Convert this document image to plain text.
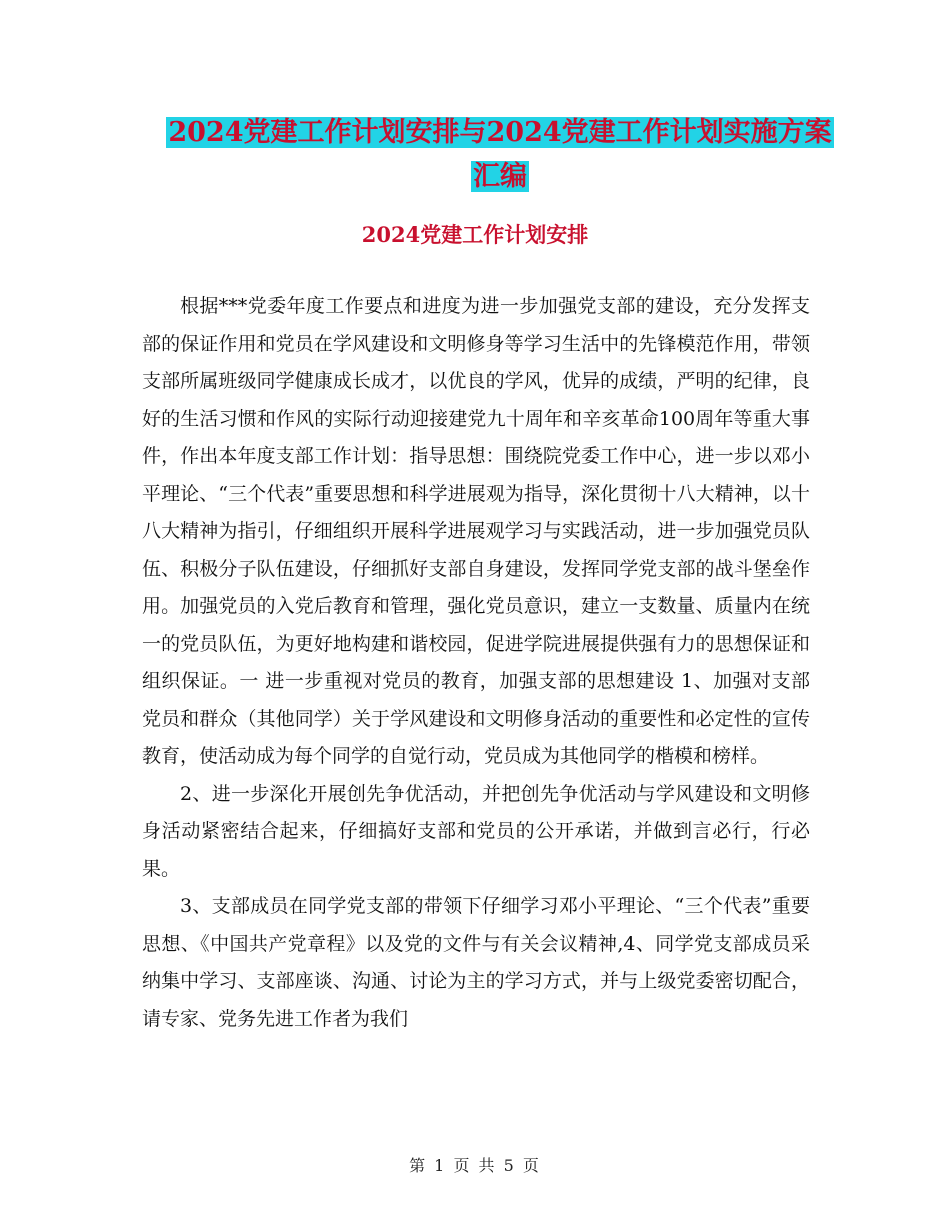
2024党建工作计划安排与2024党建工作计划实施方案
汇编
2024党建工作计划安排

根据***党委年度工作要点和进度为进一步加强党支部的建设，充分发挥支部的保证作用和党员在学风建设和文明修身等学习生活中的先锋模范作用，带领支部所属班级同学健康成长成才，以优良的学风，优异的成绩，严明的纪律，良好的生活习惯和作风的实际行动迎接建党九十周年和辛亥革命100周年等重大事件，作出本年度支部工作计划：指导思想：围绕院党委工作中心，进一步以邓小平理论、“三个代表”重要思想和科学进展观为指导，深化贯彻十八大精神，以十八大精神为指引，仔细组织开展科学进展观学习与实践活动，进一步加强党员队伍、积极分子队伍建设，仔细抓好支部自身建设，发挥同学党支部的战斗堡垒作用。加强党员的入党后教育和管理，强化党员意识，建立一支数量、质量内在统一的党员队伍，为更好地构建和谐校园，促进学院进展提供强有力的思想保证和组织保证。一 进一步重视对党员的教育，加强支部的思想建设 1、加强对支部党员和群众（其他同学）关于学风建设和文明修身活动的重要性和必定性的宣传教育，使活动成为每个同学的自觉行动，党员成为其他同学的楷模和榜样。

2、进一步深化开展创先争优活动，并把创先争优活动与学风建设和文明修身活动紧密结合起来，仔细搞好支部和党员的公开承诺，并做到言必行，行必果。

3、支部成员在同学党支部的带领下仔细学习邓小平理论、“三个代表”重要思想、《中国共产党章程》以及党的文件与有关会议精神,4、同学党支部成员采纳集中学习、支部座谈、沟通、讨论为主的学习方式，并与上级党委密切配合，请专家、党务先进工作者为我们

第 1 页 共 5 页
